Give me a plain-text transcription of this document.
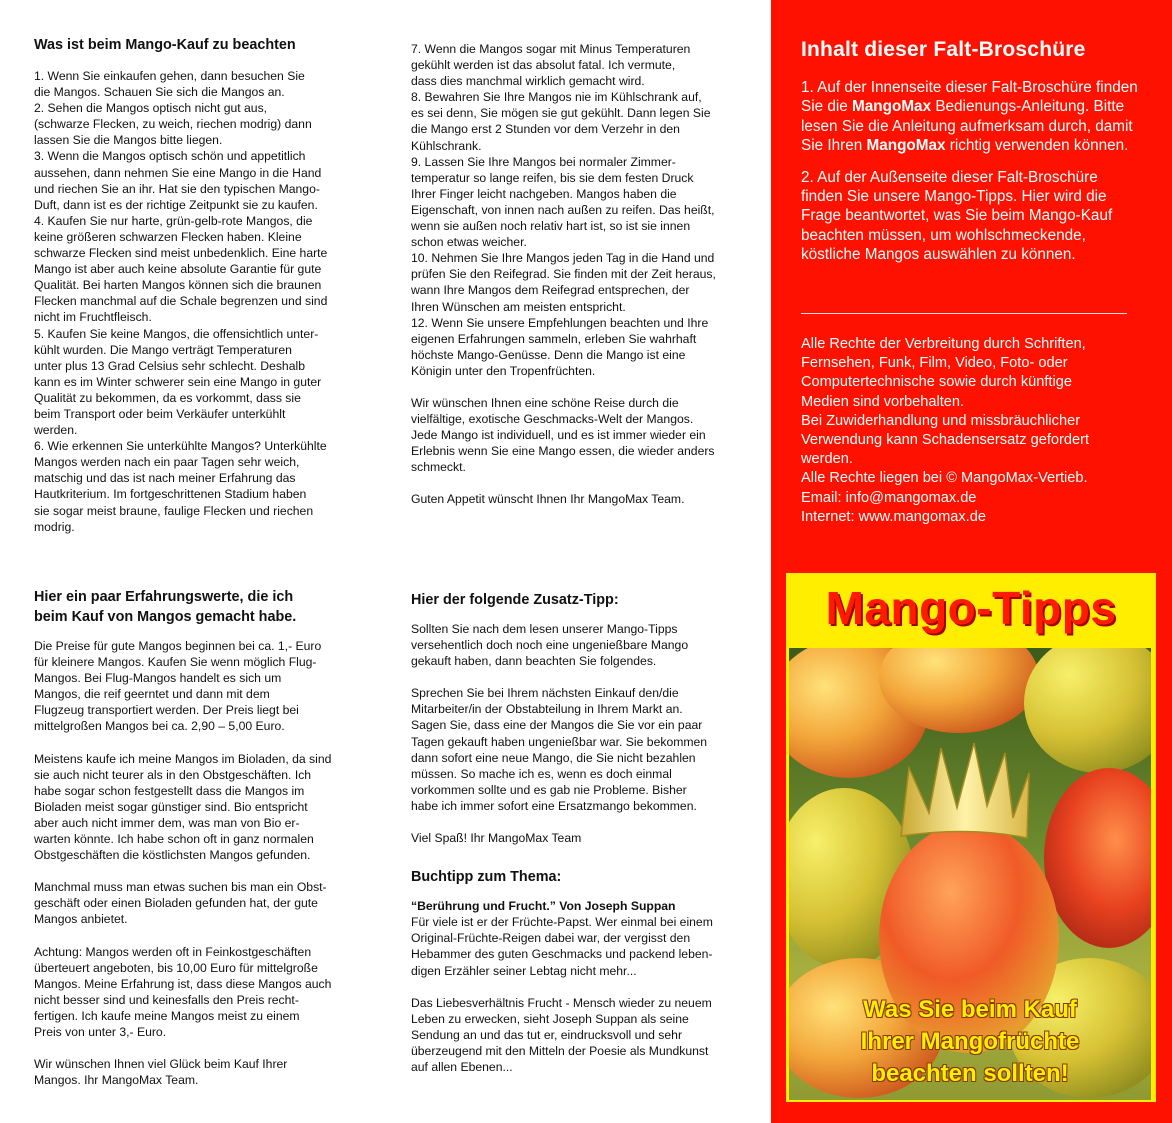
Was ist beim Mango-Kauf zu beachten

1. Wenn Sie einkaufen gehen, dann besuchen Sie
die Mangos. Schauen Sie sich die Mangos an.
2. Sehen die Mangos optisch nicht gut aus,
(schwarze Flecken, zu weich, riechen modrig) dann
lassen Sie die Mangos bitte liegen.
3. Wenn die Mangos optisch schön und appetitlich
aussehen, dann nehmen Sie eine Mango in die Hand
und riechen Sie an ihr. Hat sie den typischen Mango-
Duft, dann ist es der richtige Zeitpunkt sie zu kaufen.
4. Kaufen Sie nur harte, grün-gelb-rote Mangos, die
keine größeren schwarzen Flecken haben. Kleine
schwarze Flecken sind meist unbedenklich. Eine harte
Mango ist aber auch keine absolute Garantie für gute
Qualität. Bei harten Mangos können sich die braunen
Flecken manchmal auf die Schale begrenzen und sind
nicht im Fruchtfleisch.
5. Kaufen Sie keine Mangos, die offensichtlich unter-
kühlt wurden. Die Mango verträgt Temperaturen
unter plus 13 Grad Celsius sehr schlecht. Deshalb
kann es im Winter schwerer sein eine Mango in guter
Qualität zu bekommen, da es vorkommt, dass sie
beim Transport oder beim Verkäufer unterkühlt
werden.
6. Wie erkennen Sie unterkühlte Mangos? Unterkühlte
Mangos werden nach ein paar Tagen sehr weich,
matschig und das ist nach meiner Erfahrung das
Hautkriterium. Im fortgeschrittenen Stadium haben
sie sogar meist braune, faulige Flecken und riechen
modrig.

7. Wenn die Mangos sogar mit Minus Temperaturen
gekühlt werden ist das absolut fatal. Ich vermute,
dass dies manchmal wirklich gemacht wird.
8. Bewahren Sie Ihre Mangos nie im Kühlschrank auf,
es sei denn, Sie mögen sie gut gekühlt. Dann legen Sie
die Mango erst 2 Stunden vor dem Verzehr in den
Kühlschrank.
9. Lassen Sie Ihre Mangos bei normaler Zimmer-
temperatur so lange reifen, bis sie dem festen Druck
Ihrer Finger leicht nachgeben. Mangos haben die
Eigenschaft, von innen nach außen zu reifen. Das heißt,
wenn sie außen noch relativ hart ist, so ist sie innen
schon etwas weicher.
10. Nehmen Sie Ihre Mangos jeden Tag in die Hand und
prüfen Sie den Reifegrad. Sie finden mit der Zeit heraus,
wann Ihre Mangos dem Reifegrad entsprechen, der
Ihren Wünschen am meisten entspricht.
12. Wenn Sie unsere Empfehlungen beachten und Ihre
eigenen Erfahrungen sammeln, erleben Sie wahrhaft
höchste Mango-Genüsse. Denn die Mango ist eine
Königin unter den Tropenfrüchten.

Wir wünschen Ihnen eine schöne Reise durch die
vielfältige, exotische Geschmacks-Welt der Mangos.
Jede Mango ist individuell, und es ist immer wieder ein
Erlebnis wenn Sie eine Mango essen, die wieder anders
schmeckt.

Guten Appetit wünscht Ihnen Ihr MangoMax Team.

Hier ein paar Erfahrungswerte, die ich
beim Kauf von Mangos gemacht habe.

Die Preise für gute Mangos beginnen bei ca. 1,- Euro
für kleinere Mangos. Kaufen Sie wenn möglich Flug-
Mangos. Bei Flug-Mangos handelt es sich um
Mangos, die reif geerntet und dann mit dem
Flugzeug transportiert werden. Der Preis liegt bei
mittelgroßen Mangos bei ca. 2,90 – 5,00 Euro.

Meistens kaufe ich meine Mangos im Bioladen, da sind
sie auch nicht teurer als in den Obstgeschäften. Ich
habe sogar schon festgestellt dass die Mangos im
Bioladen meist sogar günstiger sind. Bio entspricht
aber auch nicht immer dem, was man von Bio er-
warten könnte. Ich habe schon oft in ganz normalen
Obstgeschäften die köstlichsten Mangos gefunden.

Manchmal muss man etwas suchen bis man ein Obst-
geschäft oder einen Bioladen gefunden hat, der gute
Mangos anbietet.

Achtung: Mangos werden oft in Feinkostgeschäften
überteuert angeboten, bis 10,00 Euro für mittelgroße
Mangos. Meine Erfahrung ist, dass diese Mangos auch
nicht besser sind und keinesfalls den Preis recht-
fertigen. Ich kaufe meine Mangos meist zu einem
Preis von unter 3,- Euro.

Wir wünschen Ihnen viel Glück beim Kauf Ihrer
Mangos. Ihr MangoMax Team.

Hier der folgende Zusatz-Tipp:

Sollten Sie nach dem lesen unserer Mango-Tipps
versehentlich doch noch eine ungenießbare Mango
gekauft haben, dann beachten Sie folgendes.

Sprechen Sie bei Ihrem nächsten Einkauf den/die
Mitarbeiter/in der Obstabteilung in Ihrem Markt an.
Sagen Sie, dass eine der Mangos die Sie vor ein paar
Tagen gekauft haben ungenießbar war. Sie bekommen
dann sofort eine neue Mango, die Sie nicht bezahlen
müssen. So mache ich es, wenn es doch einmal
vorkommen sollte und es gab nie Probleme. Bisher
habe ich immer sofort eine Ersatzmango bekommen.

Viel Spaß! Ihr MangoMax Team

Buchtipp zum Thema:

“Berührung und Frucht.” Von Joseph Suppan

Für viele ist er der Früchte-Papst. Wer einmal bei einem
Original-Früchte-Reigen dabei war, der vergisst den
Hebammer des guten Geschmacks und packend leben-
digen Erzähler seiner Lebtag nicht mehr...

Das Liebesverhältnis Frucht - Mensch wieder zu neuem
Leben zu erwecken, sieht Joseph Suppan als seine
Sendung an und das tut er, eindrucksvoll und sehr
überzeugend mit den Mitteln der Poesie als Mundkunst
auf allen Ebenen...

Inhalt dieser Falt-Broschüre

1. Auf der Innenseite dieser Falt-Broschüre finden Sie die MangoMax Bedienungs-Anleitung. Bitte lesen Sie die Anleitung aufmerksam durch, damit Sie Ihren MangoMax richtig verwenden können.

2. Auf der Außenseite dieser Falt-Broschüre finden Sie unsere Mango-Tipps. Hier wird die Frage beantwortet, was Sie beim Mango-Kauf beachten müssen, um wohlschmeckende, köstliche Mangos auswählen zu können.

Alle Rechte der Verbreitung durch Schriften,
Fernsehen, Funk, Film, Video, Foto- oder
Computertechnische sowie durch künftige
Medien sind vorbehalten.
Bei Zuwiderhandlung und missbräuchlicher
Verwendung kann Schadensersatz gefordert
werden.
Alle Rechte liegen bei © MangoMax-Vertieb.
Email: info@mangomax.de
Internet: www.mangomax.de
Mango-Tipps
Was Sie beim Kauf
Ihrer Mangofrüchte
beachten sollten!
